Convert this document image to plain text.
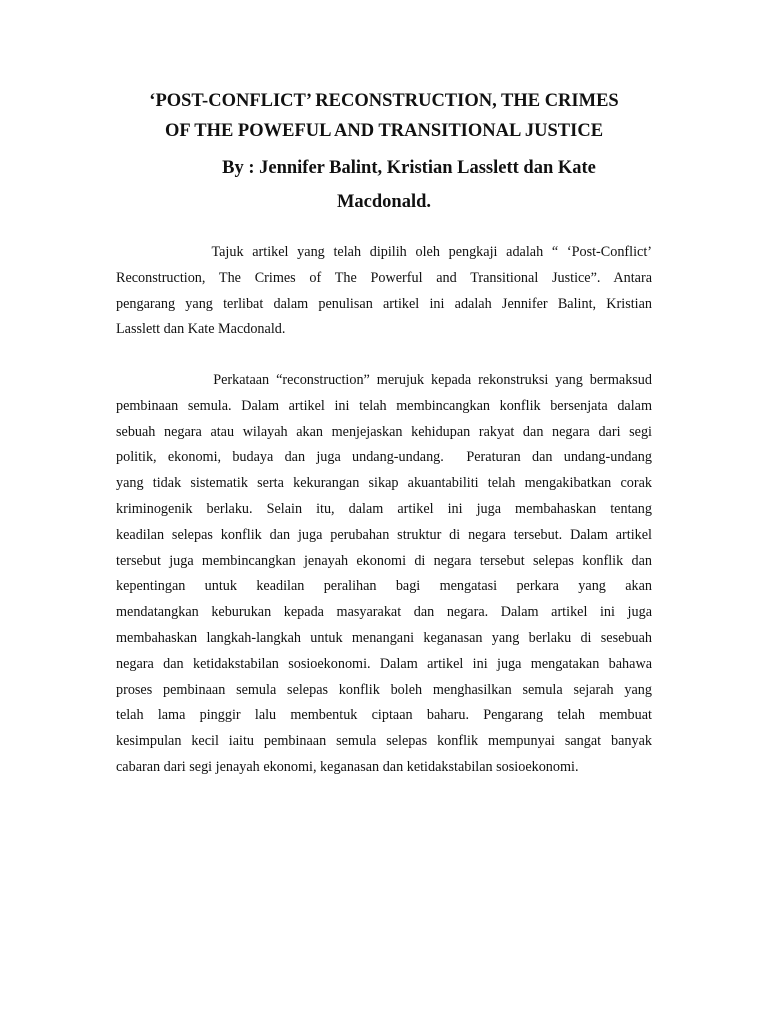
‘POST-CONFLICT’ RECONSTRUCTION, THE CRIMES
OF THE POWEFUL AND TRANSITIONAL JUSTICE
By : Jennifer Balint, Kristian Lasslett dan Kate
Macdonald.
Tajuk artikel yang telah dipilih oleh pengkaji adalah “ ‘Post-Conflict’
Reconstruction, The Crimes of The Powerful and Transitional Justice”. Antara
pengarang yang terlibat dalam penulisan artikel ini adalah Jennifer Balint, Kristian
Lasslett dan Kate Macdonald.
Perkataan “reconstruction” merujuk kepada rekonstruksi yang bermaksud
pembinaan semula. Dalam artikel ini telah membincangkan konflik bersenjata dalam
sebuah negara atau wilayah akan menjejaskan kehidupan rakyat dan negara dari segi
politik, ekonomi, budaya dan juga undang-undang.  Peraturan dan undang-undang
yang tidak sistematik serta kekurangan sikap akuantabiliti telah mengakibatkan corak
kriminogenik berlaku. Selain itu, dalam artikel ini juga membahaskan tentang
keadilan selepas konflik dan juga perubahan struktur di negara tersebut. Dalam artikel
tersebut juga membincangkan jenayah ekonomi di negara tersebut selepas konflik dan
kepentingan untuk keadilan peralihan bagi mengatasi perkara yang akan
mendatangkan keburukan kepada masyarakat dan negara. Dalam artikel ini juga
membahaskan langkah-langkah untuk menangani keganasan yang berlaku di sesebuah
negara dan ketidakstabilan sosioekonomi. Dalam artikel ini juga mengatakan bahawa
proses pembinaan semula selepas konflik boleh menghasilkan semula sejarah yang
telah lama pinggir lalu membentuk ciptaan baharu. Pengarang telah membuat
kesimpulan kecil iaitu pembinaan semula selepas konflik mempunyai sangat banyak
cabaran dari segi jenayah ekonomi, keganasan dan ketidakstabilan sosioekonomi.
